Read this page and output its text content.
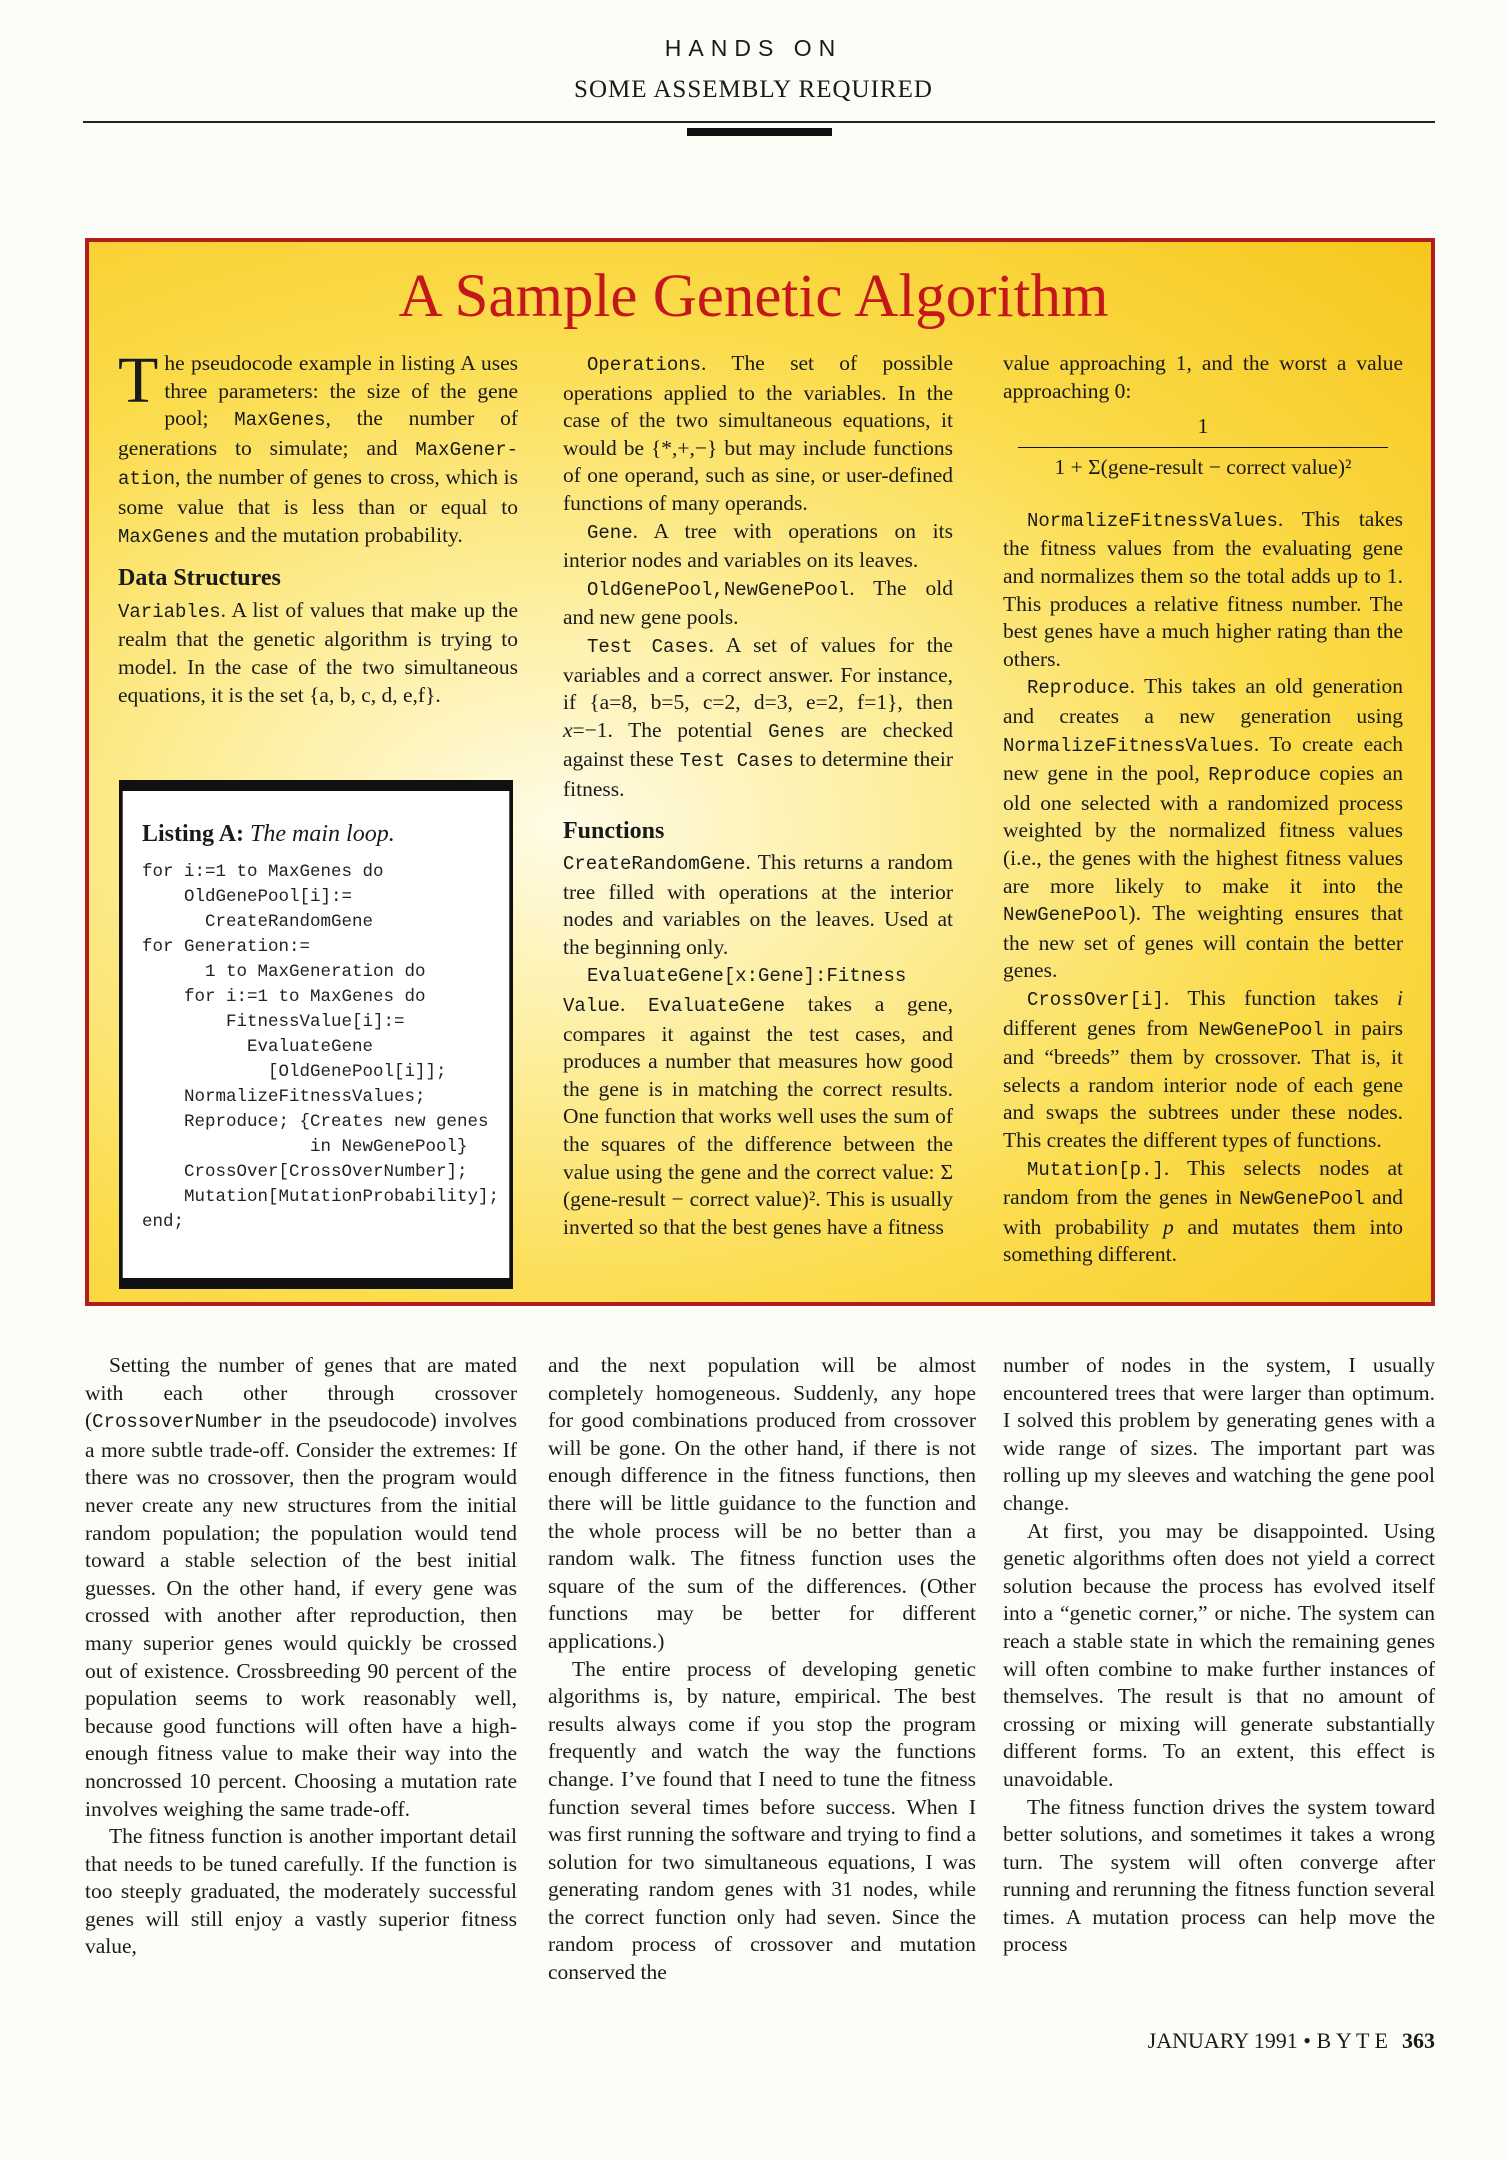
HANDS ON
SOME ASSEMBLY REQUIRED
A Sample Genetic Algorithm

The pseudocode example in listing A uses three parameters: the size of the gene pool; MaxGenes, the number of generations to simulate; and MaxGener-ation, the number of genes to cross, which is some value that is less than or equal to MaxGenes and the mutation probability.

Data Structures

Variables. A list of values that make up the realm that the genetic algorithm is trying to model. In the case of the two simultaneous equations, it is the set {a, b, c, d, e,f}.

Listing A: The main loop.
for i:=1 to MaxGenes do
OldGenePool[i]:=
CreateRandomGene
for Generation:=
1 to MaxGeneration do
for i:=1 to MaxGenes do
FitnessValue[i]:=
EvaluateGene
[OldGenePool[i]];
NormalizeFitnessValues;
Reproduce; {Creates new genes
in NewGenePool}
CrossOver[CrossOverNumber];
Mutation[MutationProbability];
end;

Operations. The set of possible operations applied to the variables. In the case of the two simultaneous equations, it would be {*,+,−} but may include functions of one operand, such as sine, or user-defined functions of many operands.

Gene. A tree with operations on its interior nodes and variables on its leaves.

OldGenePool,NewGenePool. The old and new gene pools.

Test Cases. A set of values for the variables and a correct answer. For instance, if {a=8, b=5, c=2, d=3, e=2, f=1}, then x=−1. The potential Genes are checked against these Test Cases to determine their fitness.

Functions

CreateRandomGene. This returns a random tree filled with operations at the interior nodes and variables on the leaves. Used at the beginning only.

EvaluateGene[x:Gene]:Fitness Value. EvaluateGene takes a gene, compares it against the test cases, and produces a number that measures how good the gene is in matching the correct results. One function that works well uses the sum of the squares of the difference between the value using the gene and the correct value: Σ (gene-result − correct value)². This is usually inverted so that the best genes have a fitness

value approaching 1, and the worst a value approaching 0:

1
1 + Σ(gene-result − correct value)²

NormalizeFitnessValues. This takes the fitness values from the evaluating gene and normalizes them so the total adds up to 1. This produces a relative fitness number. The best genes have a much higher rating than the others.

Reproduce. This takes an old generation and creates a new generation using NormalizeFitnessValues. To create each new gene in the pool, Reproduce copies an old one selected with a randomized process weighted by the normalized fitness values (i.e., the genes with the highest fitness values are more likely to make it into the NewGenePool). The weighting ensures that the new set of genes will contain the better genes.

CrossOver[i]. This function takes i different genes from NewGenePool in pairs and “breeds” them by crossover. That is, it selects a random interior node of each gene and swaps the subtrees under these nodes. This creates the different types of functions.

Mutation[p.]. This selects nodes at random from the genes in NewGenePool and with probability p and mutates them into something different.

Setting the number of genes that are mated with each other through crossover (CrossoverNumber in the pseudocode) involves a more subtle trade-off. Consider the extremes: If there was no crossover, then the program would never create any new structures from the initial random population; the population would tend toward a stable selection of the best initial guesses. On the other hand, if every gene was crossed with another after reproduction, then many superior genes would quickly be crossed out of existence. Crossbreeding 90 percent of the population seems to work reasonably well, because good functions will often have a high-enough fitness value to make their way into the noncrossed 10 percent. Choosing a mutation rate involves weighing the same trade-off.

The fitness function is another important detail that needs to be tuned carefully. If the function is too steeply graduated, the moderately successful genes will still enjoy a vastly superior fitness value,

and the next population will be almost completely homogeneous. Suddenly, any hope for good combinations produced from crossover will be gone. On the other hand, if there is not enough difference in the fitness functions, then there will be little guidance to the function and the whole process will be no better than a random walk. The fitness function uses the square of the sum of the differences. (Other functions may be better for different applications.)

The entire process of developing genetic algorithms is, by nature, empirical. The best results always come if you stop the program frequently and watch the way the functions change. I’ve found that I need to tune the fitness function several times before success. When I was first running the software and trying to find a solution for two simultaneous equations, I was generating random genes with 31 nodes, while the correct function only had seven. Since the random process of crossover and mutation conserved the

number of nodes in the system, I usually encountered trees that were larger than optimum. I solved this problem by generating genes with a wide range of sizes. The important part was rolling up my sleeves and watching the gene pool change.

At first, you may be disappointed. Using genetic algorithms often does not yield a correct solution because the process has evolved itself into a “genetic corner,” or niche. The system can reach a stable state in which the remaining genes will often combine to make further instances of themselves. The result is that no amount of crossing or mixing will generate substantially different forms. To an extent, this effect is unavoidable.

The fitness function drives the system toward better solutions, and sometimes it takes a wrong turn. The system will often converge after running and rerunning the fitness function several times. A mutation process can help move the process

JANUARY 1991 • B Y T E 363
